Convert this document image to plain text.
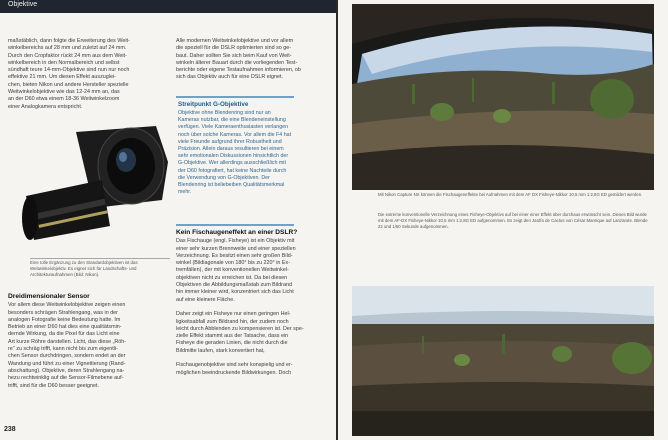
Objektive

maßstäblich, dann folgte die Erweiterung des Weit-

winkelbereichs auf 28 mm und zuletzt auf 24 mm.

Durch den Cropfaktor rückt 24 mm aus dem Weit-

winkelbereich in den Normalbereich und selbst

sündhaft teure 14-mm-Objektive sind nun nur noch

effektive 21 mm. Um diesen Effekt auszuglei-

chen, bieten Nikon und andere Hersteller spezielle

Weitwinkelobjektive wie das 12-24 mm an, das

an der D60 etwa einem 18-36 Weitwinkelzoom

einer Analogkamera entspricht.

Eine tolle Ergänzung zu den Standardobjektiven ist das Weitwinkelobjektiv. Es eignet sich für Landschafts- und Architekturaufnahmen (Bild: Nikon).

Dreidimensionaler Sensor

Vor allem diese Weitwinkelobjektive zeigen einen

besonders schrägen Strahlengang, was in der

analogen Fotografie keine Bedeutung hatte. Im

Betrieb an einer D60 hat dies eine qualitätsmin-

dernde Wirkung, da die Pixel für das Licht eine

Art kurze Röhre darstellen. Licht, das diese „Röh-

re" zu schräg trifft, kann nicht bis zum eigentli-

chen Sensor durchdringen, sondern endet an der

Wandung und führt zu einer Vignettierung (Rand-

abschattung). Objektive, deren Strahlengang na-

hezu rechtwinklig auf die Sensor-Filmebene auf-

trifft, sind für die D60 besser geeignet.

Alle modernen Weitwinkelobjektive und vor allem

die speziell für die DSLR optimierten sind so ge-

baut. Daher sollten Sie sich beim Kauf von Weit-

winkeln älterer Bauart durch die vorliegenden Test-

berichte oder eigene Testaufnahmen informieren, ob

sich das Objektiv auch für eine DSLR eignet.

Streitpunkt G-Objektive
Objektive ohne Blendenring sind nur an Kameras nutzbar, die eine Blendeneinstellung verfügen. Viele Kameraenthusiasten verlangen noch über solche Kameras. Vor allem die F4 hat viele Freunde aufgrund ihrer Robustheit und Präzision. Allein daraus resultieren bei einem sehr emotionalen Diskussionen hinsichtlich der G-Objektive. Wer allerdings ausschließlich mit der D60 fotografiert, hat keine Nachteile durch die Verwendung von G-Objektiven. Der Blendenring ist beliebeiben Qualitätsmerkmal mehr.

Kein Fischaugeneffekt an einer DSLR?

Das Fischauge (engl. Fisheye) ist ein Objektiv mit

einer sehr kurzen Brennweite und einer speziellen

Verzeichnung. Es besitzt einen sehr großen Bild-

winkel (Bildiagonale von 180° bis zu 220° in Ex-

tremfällen), der mit konventionellen Weitwinkel-

objektiven nicht zu erreichen ist. Da bei diesen

Objektiven die Abbildungsmaßstab zum Bildrand

hin immer kleiner wird, konzentriert sich das Licht

auf eine kleinere Fläche.

Daher zeigt ein Fisheye nur einen geringen Hel-

ligkeitsabfall zum Bildrand hin, der zudem noch

leicht durch Abblenden zu kompensieren ist. Der spe-

zielle Effekt stammt aus der Tatsache, dass ein

Fisheye die geraden Linien, die nicht durch die

Bildmitte laufen, stark konvertiert hat,

Fischaugenobjektive sind sehr konspielig und er-

möglichen beeindruckende Bildwirkungen. Doch

238
Mit Nikon Capture NX können die Fischaugeneffekte bei Aufnahmen mit dem AF DX Fisheye-Nikkor 10,5 mm 1:2,8G ED gemildert werden.
Die extreme konventionelle Verzeichnung eines Fisheye-Objektivs auf bei einer einer Effekt über durchaus erwünscht sein. Dieses Bild wurde mit dem AF-DX Fisheye-Nikkor 10,5 mm 1:2,8G ED aufgenommen. Es zeigt den Jardín de Cactus von César Manrique auf Lanzarote. Blende 22 und 1/60 Sekunde aufgenommen.
